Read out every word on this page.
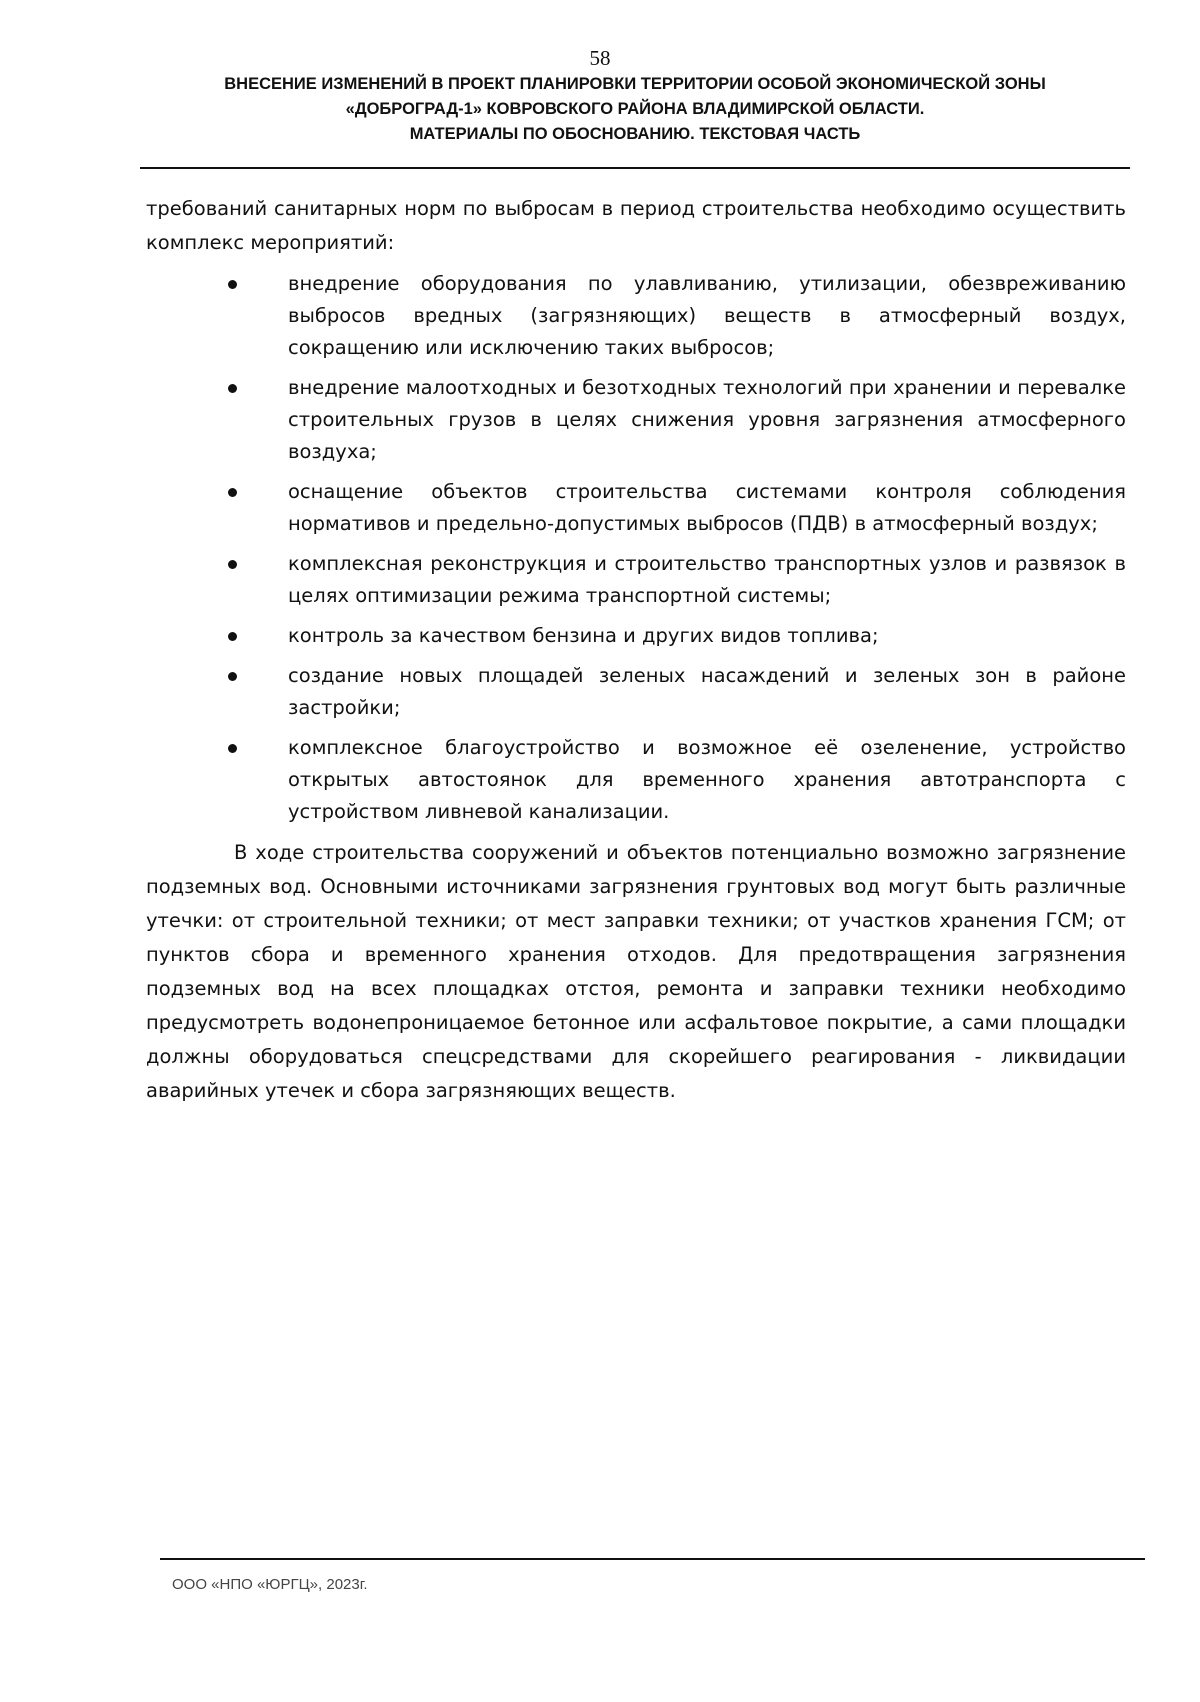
58
ВНЕСЕНИЕ ИЗМЕНЕНИЙ В ПРОЕКТ ПЛАНИРОВКИ ТЕРРИТОРИИ ОСОБОЙ ЭКОНОМИЧЕСКОЙ ЗОНЫ
«ДОБРОГРАД-1» КОВРОВСКОГО РАЙОНА ВЛАДИМИРСКОЙ ОБЛАСТИ.
МАТЕРИАЛЫ ПО ОБОСНОВАНИЮ. ТЕКСТОВАЯ ЧАСТЬ

требований санитарных норм по выбросам в период строительства необходимо осуществить комплекс мероприятий:

внедрение оборудования по улавливанию, утилизации, обезвреживанию выбросов вредных (загрязняющих) веществ в атмосферный воздух, сокращению или исключению таких выбросов;
внедрение малоотходных и безотходных технологий при хранении и перевалке строительных грузов в целях снижения уровня загрязнения атмосферного воздуха;
оснащение объектов строительства системами контроля соблюдения нормативов и предельно-допустимых выбросов (ПДВ) в атмосферный воздух;
комплексная реконструкция и строительство транспортных узлов и развязок в целях оптимизации режима транспортной системы;
контроль за качеством бензина и других видов топлива;
создание новых площадей зеленых насаждений и зеленых зон в районе застройки;
комплексное благоустройство и возможное её озеленение, устройство открытых автостоянок для временного хранения автотранспорта с устройством ливневой канализации.

В ходе строительства сооружений и объектов потенциально возможно загрязнение подземных вод. Основными источниками загрязнения грунтовых вод могут быть различные утечки: от строительной техники; от мест заправки техники; от участков хранения ГСМ; от пунктов сбора и временного хранения отходов. Для предотвращения загрязнения подземных вод на всех площадках отстоя, ремонта и заправки техники необходимо предусмотреть водонепроницаемое бетонное или асфальтовое покрытие, а сами площадки должны оборудоваться спецсредствами для скорейшего реагирования - ликвидации аварийных утечек и сбора загрязняющих веществ.

ООО «НПО «ЮРГЦ», 2023г.
